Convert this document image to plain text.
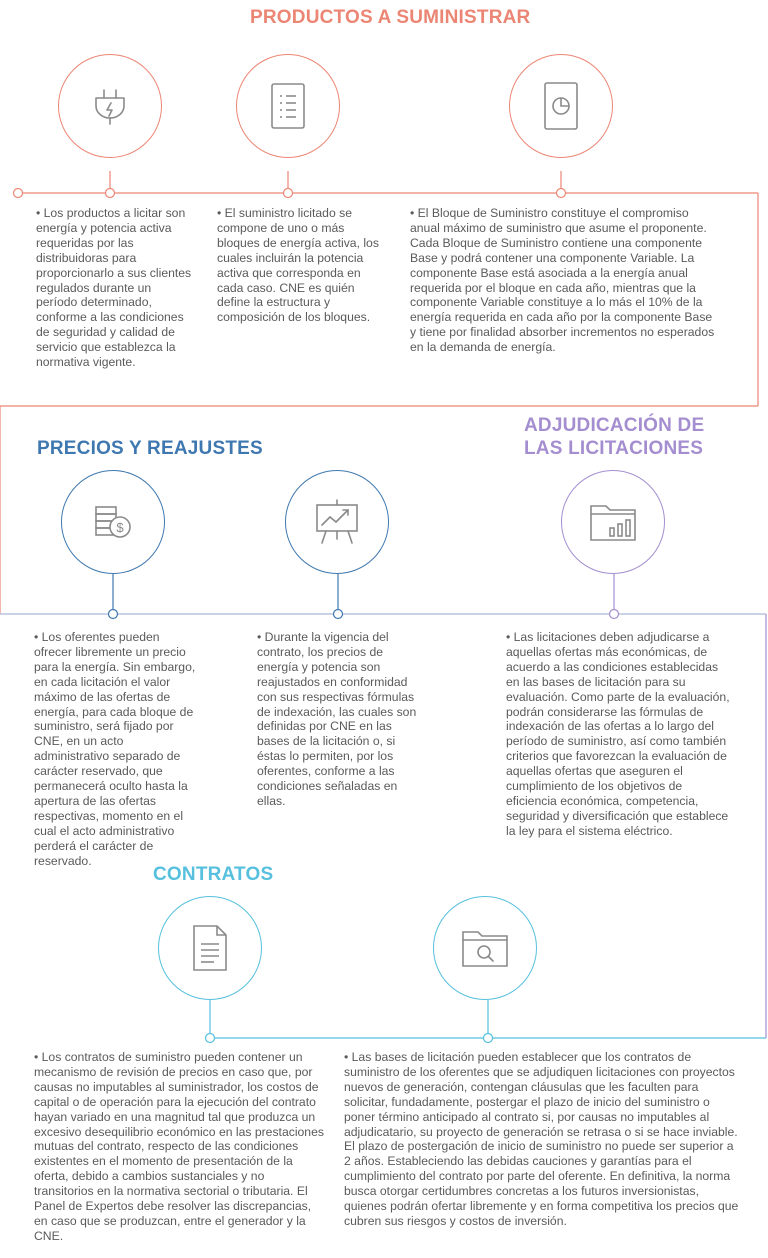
PRODUCTOS A SUMINISTRAR

• Los productos a licitar son energía y potencia activa requeridas por las distribuidoras para proporcionarlo a sus clientes regulados durante un período determinado, conforme a las condiciones de seguridad y calidad de servicio que establezca la normativa vigente.

• El suministro licitado se compone de uno o más bloques de energía activa, los cuales incluirán la potencia activa que corresponda en cada caso. CNE es quién define la estructura y composición de los bloques.

• El Bloque de Suministro constituye el compromiso anual máximo de suministro que asume el proponente. Cada Bloque de Suministro contiene una componente Base y podrá contener una componente Variable. La componente Base está asociada a la energía anual requerida por el bloque en cada año, mientras que la componente Variable constituye a lo más el 10% de la energía requerida en cada año por la componente Base y tiene por finalidad absorber incrementos no esperados en la demanda de energía.

PRECIOS Y REAJUSTES
ADJUDICACIÓN DE
LAS LICITACIONES
$

• Los oferentes pueden ofrecer libremente un precio para la energía. Sin embargo, en cada licitación el valor máximo de las ofertas de energía, para cada bloque de suministro, será fijado por CNE, en un acto administrativo separado de carácter reservado, que permanecerá oculto hasta la apertura de las ofertas respectivas, momento en el cual el acto administrativo perderá el carácter de reservado.

• Durante la vigencia del contrato, los precios de energía y potencia son reajustados en conformidad con sus respectivas fórmulas de indexación, las cuales son definidas por CNE en las bases de la licitación o, si éstas lo permiten, por los oferentes, conforme a las condiciones señaladas en ellas.

• Las licitaciones deben adjudicarse a aquellas ofertas más económicas, de acuerdo a las condiciones establecidas en las bases de licitación para su evaluación. Como parte de la evaluación, podrán considerarse las fórmulas de indexación de las ofertas a lo largo del período de suministro, así como también criterios que favorezcan la evaluación de aquellas ofertas que aseguren el cumplimiento de los objetivos de eficiencia económica, competencia, seguridad y diversificación que establece la ley para el sistema eléctrico.

CONTRATOS

• Los contratos de suministro pueden contener un mecanismo de revisión de precios en caso que, por causas no imputables al suministrador, los costos de capital o de operación para la ejecución del contrato hayan variado en una magnitud tal que produzca un excesivo desequilibrio económico en las prestaciones mutuas del contrato, respecto de las condiciones existentes en el momento de presentación de la oferta, debido a cambios sustanciales y no transitorios en la normativa sectorial o tributaria. El Panel de Expertos debe resolver las discrepancias, en caso que se produzcan, entre el generador y la CNE.

• Las bases de licitación pueden establecer que los contratos de suministro de los oferentes que se adjudiquen licitaciones con proyectos nuevos de generación, contengan cláusulas que les faculten para solicitar, fundadamente, postergar el plazo de inicio del suministro o poner término anticipado al contrato si, por causas no imputables al adjudicatario, su proyecto de generación se retrasa o si se hace inviable. El plazo de postergación de inicio de suministro no puede ser superior a 2 años. Estableciendo las debidas cauciones y garantías para el cumplimiento del contrato por parte del oferente. En definitiva, la norma busca otorgar certidumbres concretas a los futuros inversionistas, quienes podrán ofertar libremente y en forma competitiva los precios que cubren sus riesgos y costos de inversión.
